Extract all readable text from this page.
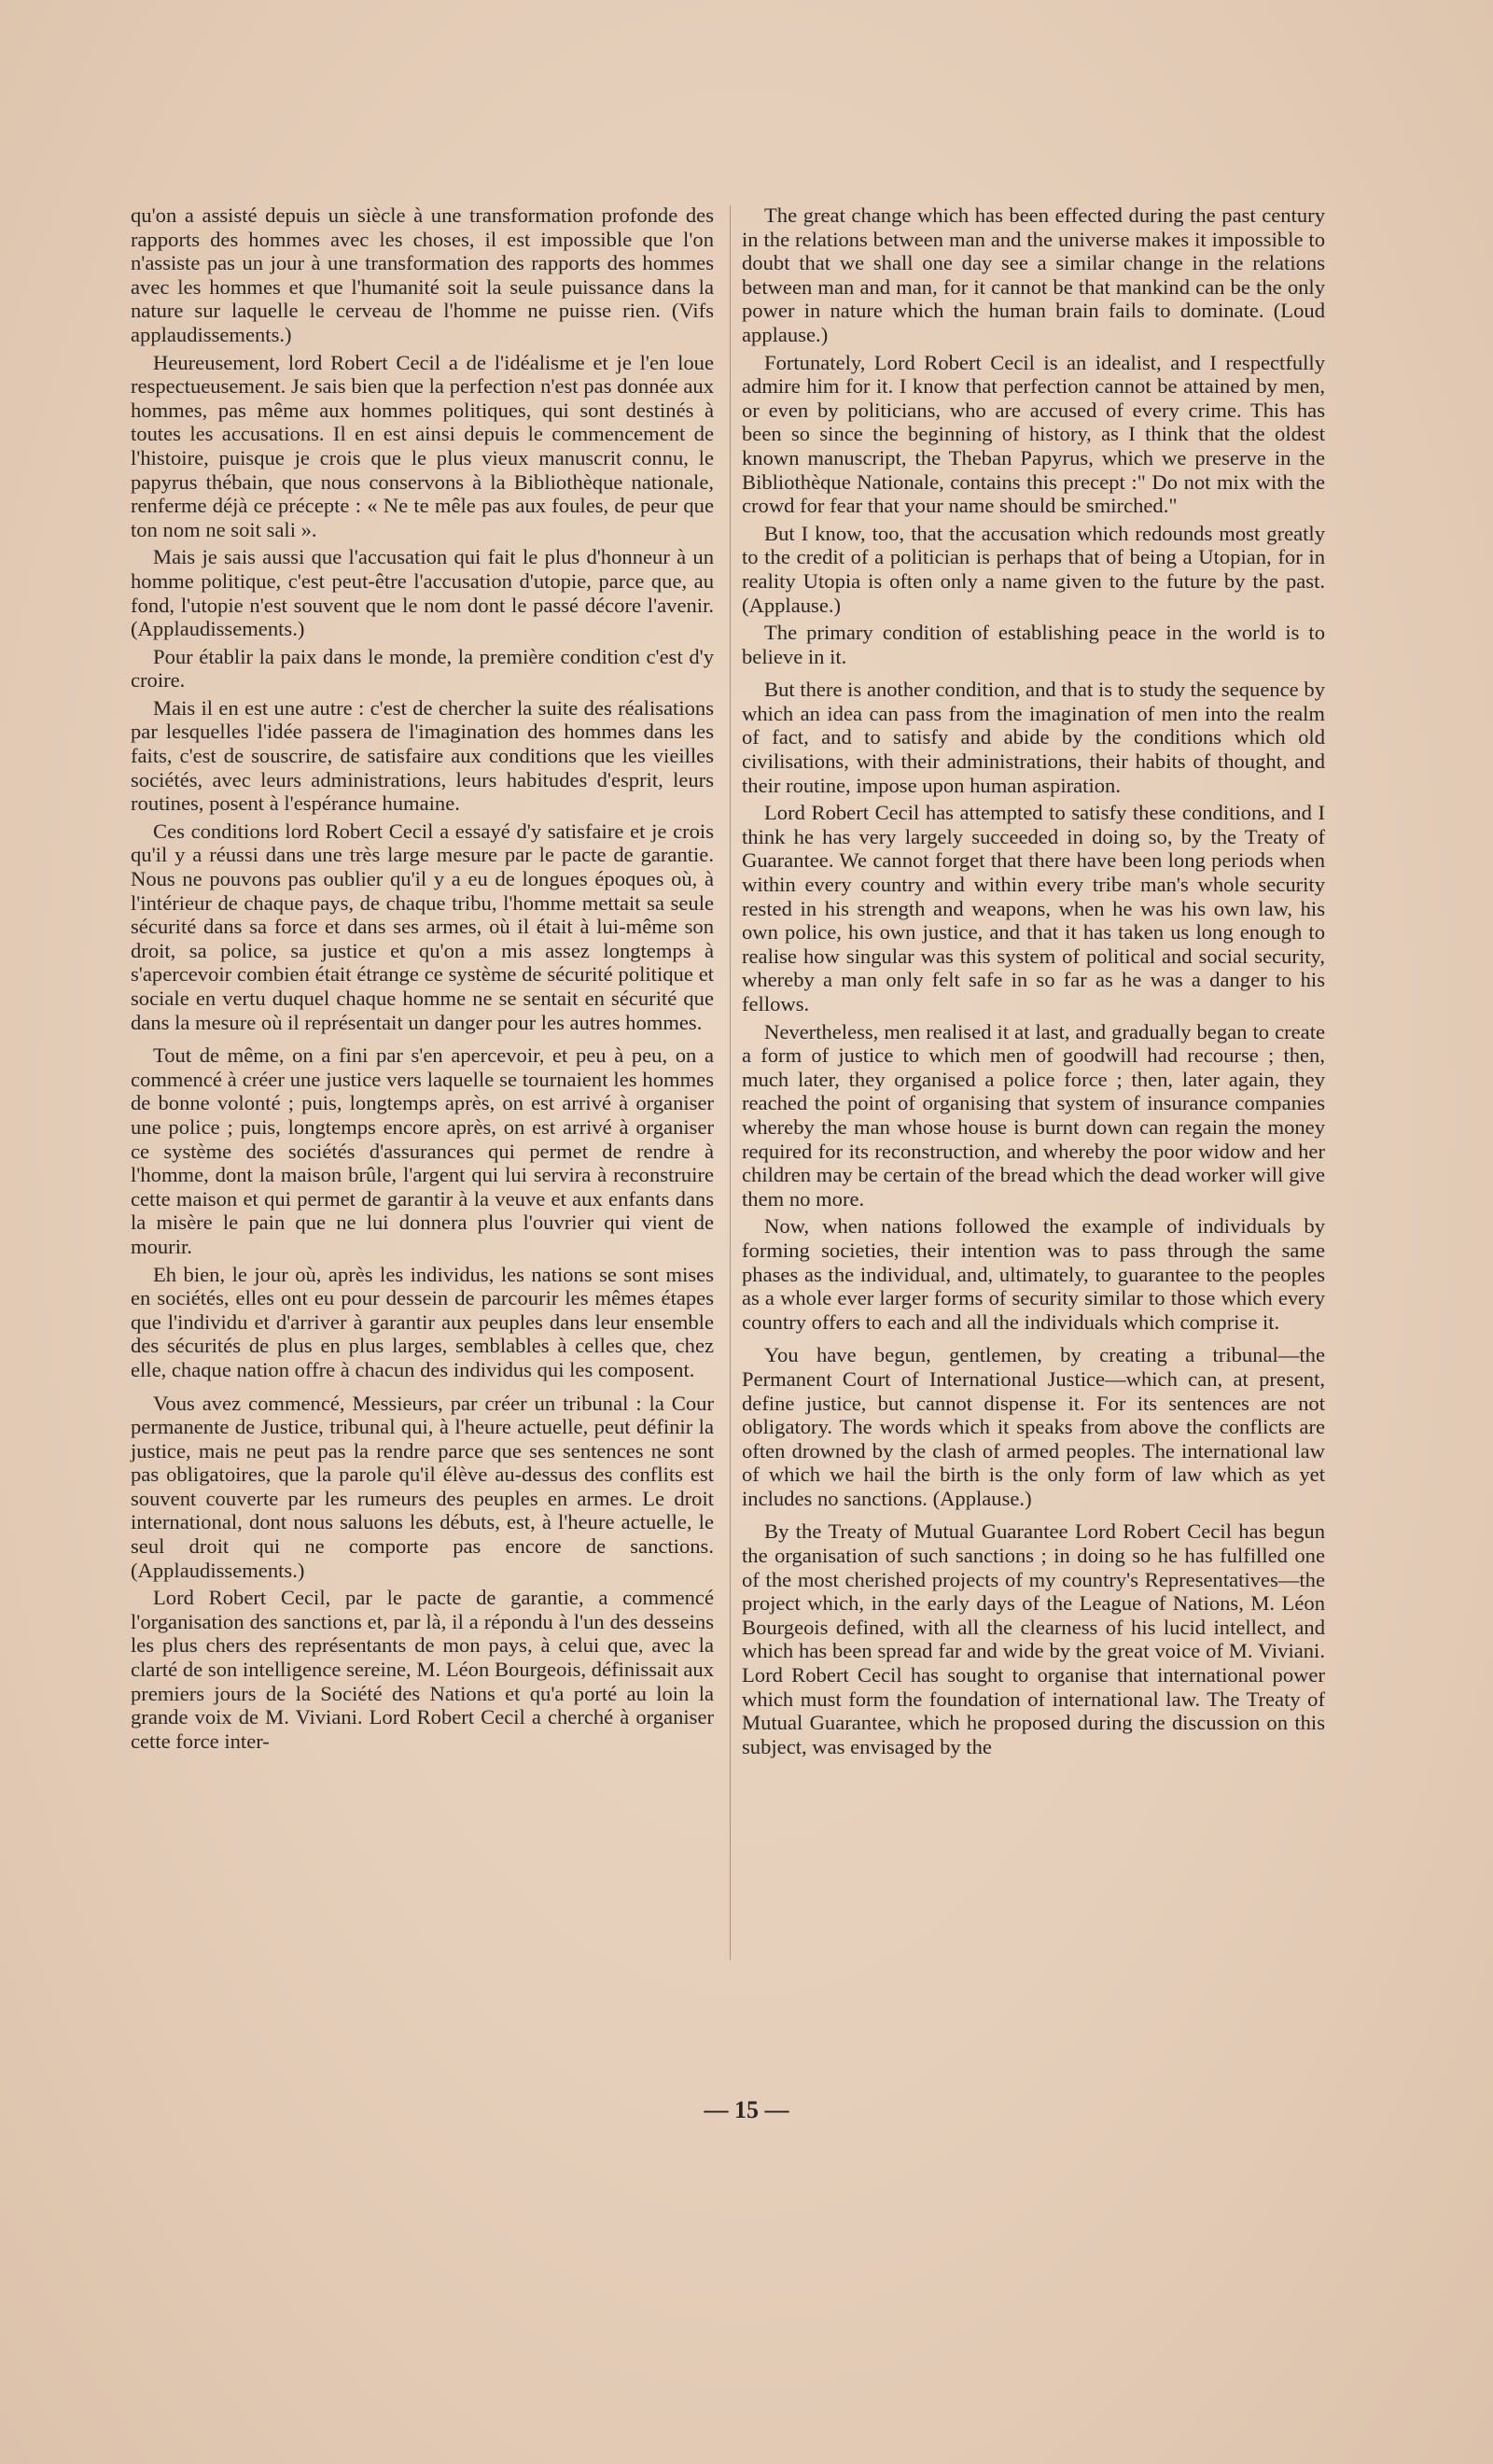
qu'on a assisté depuis un siècle à une transformation profonde des rapports des hommes avec les choses, il est impossible que l'on n'assiste pas un jour à une transformation des rapports des hommes avec les hommes et que l'humanité soit la seule puissance dans la nature sur laquelle le cerveau de l'homme ne puisse rien. (Vifs applaudissements.)

Heureusement, lord Robert Cecil a de l'idéalisme et je l'en loue respectueusement. Je sais bien que la perfection n'est pas donnée aux hommes, pas même aux hommes politiques, qui sont destinés à toutes les accusations. Il en est ainsi depuis le commencement de l'histoire, puisque je crois que le plus vieux manuscrit connu, le papyrus thébain, que nous conservons à la Bibliothèque nationale, renferme déjà ce précepte : « Ne te mêle pas aux foules, de peur que ton nom ne soit sali ».

Mais je sais aussi que l'accusation qui fait le plus d'honneur à un homme politique, c'est peut-être l'accusation d'utopie, parce que, au fond, l'utopie n'est souvent que le nom dont le passé décore l'avenir. (Applaudissements.)

Pour établir la paix dans le monde, la première condition c'est d'y croire.

Mais il en est une autre : c'est de chercher la suite des réalisations par lesquelles l'idée passera de l'imagination des hommes dans les faits, c'est de souscrire, de satisfaire aux conditions que les vieilles sociétés, avec leurs administrations, leurs habitudes d'esprit, leurs routines, posent à l'espérance humaine.

Ces conditions lord Robert Cecil a essayé d'y satisfaire et je crois qu'il y a réussi dans une très large mesure par le pacte de garantie. Nous ne pouvons pas oublier qu'il y a eu de longues époques où, à l'intérieur de chaque pays, de chaque tribu, l'homme mettait sa seule sécurité dans sa force et dans ses armes, où il était à lui-même son droit, sa police, sa justice et qu'on a mis assez longtemps à s'apercevoir combien était étrange ce système de sécurité politique et sociale en vertu duquel chaque homme ne se sentait en sécurité que dans la mesure où il représentait un danger pour les autres hommes.

Tout de même, on a fini par s'en apercevoir, et peu à peu, on a commencé à créer une justice vers laquelle se tournaient les hommes de bonne volonté ; puis, longtemps après, on est arrivé à organiser une police ; puis, longtemps encore après, on est arrivé à organiser ce système des sociétés d'assurances qui permet de rendre à l'homme, dont la maison brûle, l'argent qui lui servira à reconstruire cette maison et qui permet de garantir à la veuve et aux enfants dans la misère le pain que ne lui donnera plus l'ouvrier qui vient de mourir.

Eh bien, le jour où, après les individus, les nations se sont mises en sociétés, elles ont eu pour dessein de parcourir les mêmes étapes que l'individu et d'arriver à garantir aux peuples dans leur ensemble des sécurités de plus en plus larges, semblables à celles que, chez elle, chaque nation offre à chacun des individus qui les composent.

Vous avez commencé, Messieurs, par créer un tribunal : la Cour permanente de Justice, tribunal qui, à l'heure actuelle, peut définir la justice, mais ne peut pas la rendre parce que ses sentences ne sont pas obligatoires, que la parole qu'il élève au-dessus des conflits est souvent couverte par les rumeurs des peuples en armes. Le droit international, dont nous saluons les débuts, est, à l'heure actuelle, le seul droit qui ne comporte pas encore de sanctions. (Applaudissements.)

Lord Robert Cecil, par le pacte de garantie, a commencé l'organisation des sanctions et, par là, il a répondu à l'un des desseins les plus chers des représentants de mon pays, à celui que, avec la clarté de son intelligence sereine, M. Léon Bourgeois, définissait aux premiers jours de la Société des Nations et qu'a porté au loin la grande voix de M. Viviani. Lord Robert Cecil a cherché à organiser cette force inter-

The great change which has been effected during the past century in the relations between man and the universe makes it impossible to doubt that we shall one day see a similar change in the relations between man and man, for it cannot be that mankind can be the only power in nature which the human brain fails to dominate. (Loud applause.)

Fortunately, Lord Robert Cecil is an idealist, and I respectfully admire him for it. I know that perfection cannot be attained by men, or even by politicians, who are accused of every crime. This has been so since the beginning of history, as I think that the oldest known manuscript, the Theban Papyrus, which we preserve in the Bibliothèque Nationale, contains this precept :" Do not mix with the crowd for fear that your name should be smirched."

But I know, too, that the accusation which redounds most greatly to the credit of a politician is perhaps that of being a Utopian, for in reality Utopia is often only a name given to the future by the past. (Applause.)

The primary condition of establishing peace in the world is to believe in it.

But there is another condition, and that is to study the sequence by which an idea can pass from the imagination of men into the realm of fact, and to satisfy and abide by the conditions which old civilisations, with their administrations, their habits of thought, and their routine, impose upon human aspiration.

Lord Robert Cecil has attempted to satisfy these conditions, and I think he has very largely succeeded in doing so, by the Treaty of Guarantee. We cannot forget that there have been long periods when within every country and within every tribe man's whole security rested in his strength and weapons, when he was his own law, his own police, his own justice, and that it has taken us long enough to realise how singular was this system of political and social security, whereby a man only felt safe in so far as he was a danger to his fellows.

Nevertheless, men realised it at last, and gradually began to create a form of justice to which men of goodwill had recourse ; then, much later, they organised a police force ; then, later again, they reached the point of organising that system of insurance companies whereby the man whose house is burnt down can regain the money required for its reconstruction, and whereby the poor widow and her children may be certain of the bread which the dead worker will give them no more.

Now, when nations followed the example of individuals by forming societies, their intention was to pass through the same phases as the individual, and, ultimately, to guarantee to the peoples as a whole ever larger forms of security similar to those which every country offers to each and all the individuals which comprise it.

You have begun, gentlemen, by creating a tribunal—the Permanent Court of International Justice—which can, at present, define justice, but cannot dispense it. For its sentences are not obligatory. The words which it speaks from above the conflicts are often drowned by the clash of armed peoples. The international law of which we hail the birth is the only form of law which as yet includes no sanctions. (Applause.)

By the Treaty of Mutual Guarantee Lord Robert Cecil has begun the organisation of such sanctions ; in doing so he has fulfilled one of the most cherished projects of my country's Representatives—the project which, in the early days of the League of Nations, M. Léon Bourgeois defined, with all the clearness of his lucid intellect, and which has been spread far and wide by the great voice of M. Viviani. Lord Robert Cecil has sought to organise that international power which must form the foundation of international law. The Treaty of Mutual Guarantee, which he proposed during the discussion on this subject, was envisaged by the

— 15 —
